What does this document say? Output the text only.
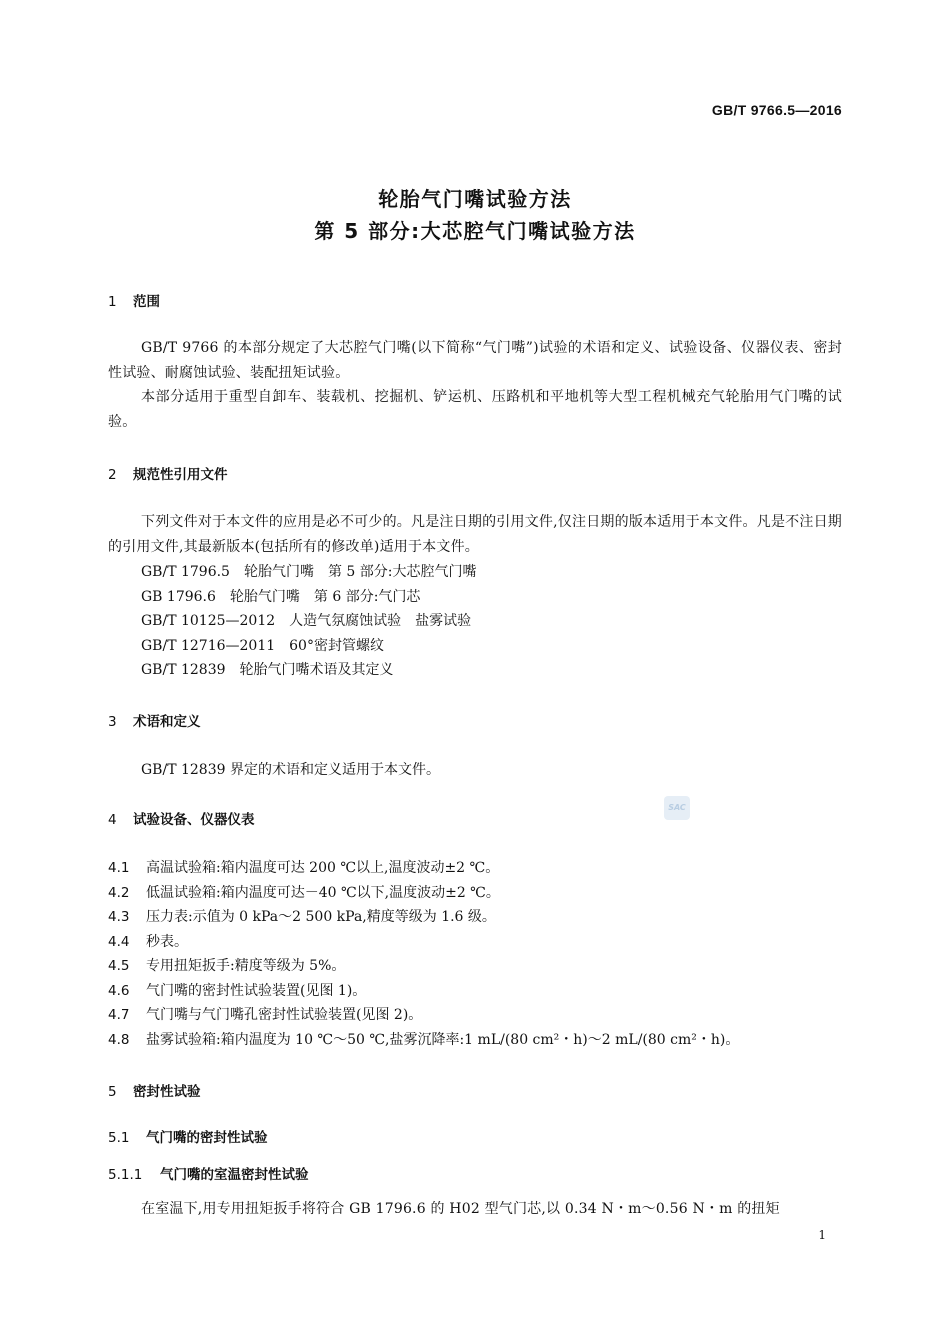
GB/T 9766.5—2016
轮胎气门嘴试验方法
第 5 部分:大芯腔气门嘴试验方法
1 范围
GB/T 9766 的本部分规定了大芯腔气门嘴(以下简称“气门嘴”)试验的术语和定义、试验设备、仪器仪表、密封性试验、耐腐蚀试验、装配扭矩试验。
本部分适用于重型自卸车、装载机、挖掘机、铲运机、压路机和平地机等大型工程机械充气轮胎用气门嘴的试验。
2 规范性引用文件
下列文件对于本文件的应用是必不可少的。凡是注日期的引用文件,仅注日期的版本适用于本文件。凡是不注日期的引用文件,其最新版本(包括所有的修改单)适用于本文件。
GB/T 1796.5　轮胎气门嘴　第 5 部分:大芯腔气门嘴
GB 1796.6　轮胎气门嘴　第 6 部分:气门芯
GB/T 10125—2012　人造气氛腐蚀试验　盐雾试验
GB/T 12716—2011　60°密封管螺纹
GB/T 12839　轮胎气门嘴术语及其定义
3 术语和定义
GB/T 12839 界定的术语和定义适用于本文件。
4 试验设备、仪器仪表
SAC
4.1 高温试验箱:箱内温度可达 200 ℃以上,温度波动±2 ℃。
4.2 低温试验箱:箱内温度可达－40 ℃以下,温度波动±2 ℃。
4.3 压力表:示值为 0 kPa～2 500 kPa,精度等级为 1.6 级。
4.4 秒表。
4.5 专用扭矩扳手:精度等级为 5%。
4.6 气门嘴的密封性试验装置(见图 1)。
4.7 气门嘴与气门嘴孔密封性试验装置(见图 2)。
4.8 盐雾试验箱:箱内温度为 10 ℃～50 ℃,盐雾沉降率:1 mL/(80 cm²・h)～2 mL/(80 cm²・h)。
5 密封性试验
5.1 气门嘴的密封性试验
5.1.1 气门嘴的室温密封性试验
在室温下,用专用扭矩扳手将符合 GB 1796.6 的 H02 型气门芯,以 0.34 N・m～0.56 N・m 的扭矩
1
